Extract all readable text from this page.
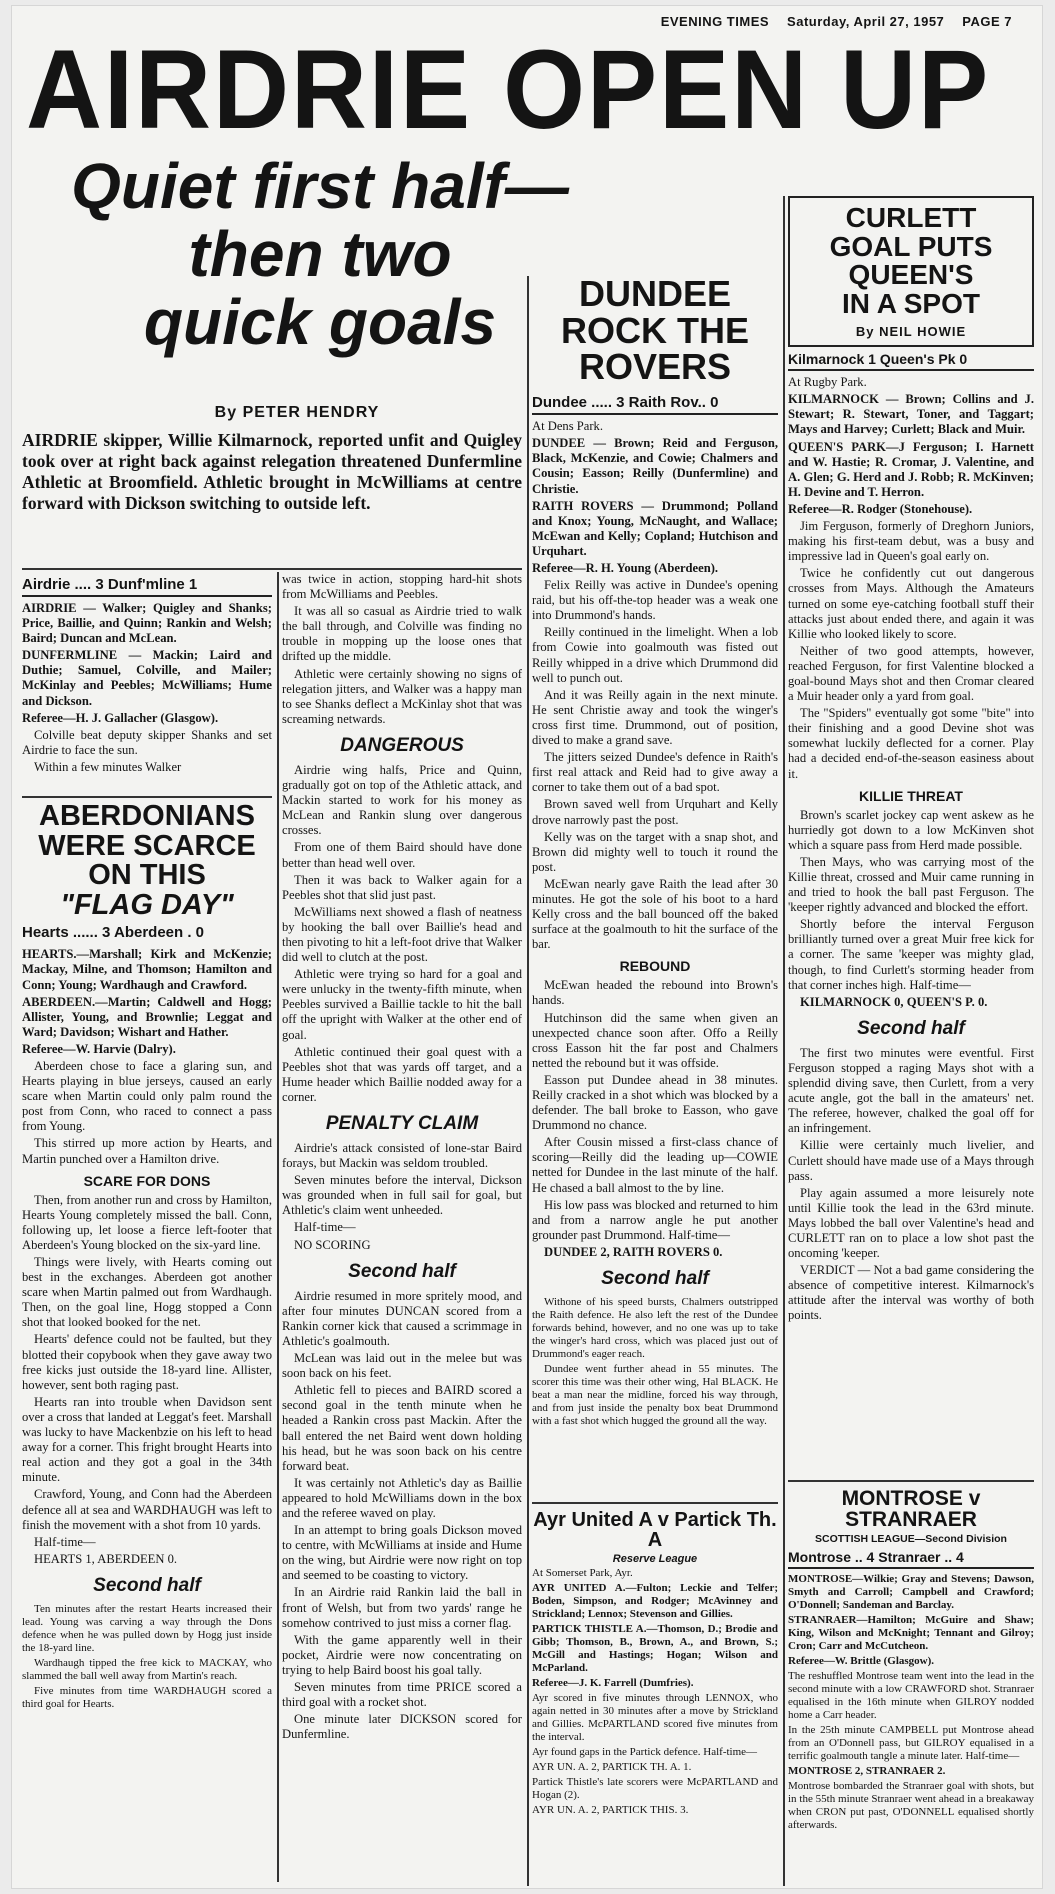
EVENING TIMES Saturday, April 27, 1957 PAGE 7
AIRDRIE OPEN UP
Quiet first half—
then two
quick goals
By PETER HENDRY
AIRDRIE skipper, Willie Kilmarnock, reported unfit and Quigley took over at right back against relegation threatened Dunfermline Athletic at Broomfield. Athletic brought in McWilliams at centre forward with Dickson switching to outside left.
Airdrie .... 3 Dunf'mline 1

AIRDRIE — Walker; Quigley and Shanks; Price, Baillie, and Quinn; Rankin and Welsh; Baird; Duncan and McLean.

DUNFERMLINE — Mackin; Laird and Duthie; Samuel, Colville, and Mailer; McKinlay and Peebles; McWilliams; Hume and Dickson.

Referee—H. J. Gallacher (Glasgow).

Colville beat deputy skipper Shanks and set Airdrie to face the sun.

Within a few minutes Walker

ABERDONIANS
WERE SCARCE
ON THIS
"FLAG DAY"
Hearts ...... 3 Aberdeen . 0

HEARTS.—Marshall; Kirk and McKenzie; Mackay, Milne, and Thomson; Hamilton and Conn; Young; Wardhaugh and Crawford.

ABERDEEN.—Martin; Caldwell and Hogg; Allister, Young, and Brownlie; Leggat and Ward; Davidson; Wishart and Hather.

Referee—W. Harvie (Dalry).

Aberdeen chose to face a glaring sun, and Hearts playing in blue jerseys, caused an early scare when Martin could only palm round the post from Conn, who raced to connect a pass from Young.

This stirred up more action by Hearts, and Martin punched over a Hamilton drive.

SCARE FOR DONS

Then, from another run and cross by Hamilton, Hearts Young completely missed the ball. Conn, following up, let loose a fierce left-footer that Aberdeen's Young blocked on the six-yard line.

Things were lively, with Hearts coming out best in the exchanges. Aberdeen got another scare when Martin palmed out from Wardhaugh. Then, on the goal line, Hogg stopped a Conn shot that looked booked for the net.

Hearts' defence could not be faulted, but they blotted their copybook when they gave away two free kicks just outside the 18-yard line. Allister, however, sent both raging past.

Hearts ran into trouble when Davidson sent over a cross that landed at Leggat's feet. Marshall was lucky to have Mackenbzie on his left to head away for a corner. This fright brought Hearts into real action and they got a goal in the 34th minute.

Crawford, Young, and Conn had the Aberdeen defence all at sea and WARDHAUGH was left to finish the movement with a shot from 10 yards.

Half-time—

HEARTS 1, ABERDEEN 0.

Second half

Ten minutes after the restart Hearts increased their lead. Young was carving a way through the Dons defence when he was pulled down by Hogg just inside the 18-yard line.

Wardhaugh tipped the free kick to MACKAY, who slammed the ball well away from Martin's reach.

Five minutes from time WARDHAUGH scored a third goal for Hearts.

was twice in action, stopping hard-hit shots from McWilliams and Peebles.

It was all so casual as Airdrie tried to walk the ball through, and Colville was finding no trouble in mopping up the loose ones that drifted up the middle.

Athletic were certainly showing no signs of relegation jitters, and Walker was a happy man to see Shanks deflect a McKinlay shot that was screaming netwards.

DANGEROUS

Airdrie wing halfs, Price and Quinn, gradually got on top of the Athletic attack, and Mackin started to work for his money as McLean and Rankin slung over dangerous crosses.

From one of them Baird should have done better than head well over.

Then it was back to Walker again for a Peebles shot that slid just past.

McWilliams next showed a flash of neatness by hooking the ball over Baillie's head and then pivoting to hit a left-foot drive that Walker did well to clutch at the post.

Athletic were trying so hard for a goal and were unlucky in the twenty-fifth minute, when Peebles survived a Baillie tackle to hit the ball off the upright with Walker at the other end of goal.

Athletic continued their goal quest with a Peebles shot that was yards off target, and a Hume header which Baillie nodded away for a corner.

PENALTY CLAIM

Airdrie's attack consisted of lone-star Baird forays, but Mackin was seldom troubled.

Seven minutes before the interval, Dickson was grounded when in full sail for goal, but Athletic's claim went unheeded.

Half-time—

NO SCORING

Second half

Airdrie resumed in more spritely mood, and after four minutes DUNCAN scored from a Rankin corner kick that caused a scrimmage in Athletic's goalmouth.

McLean was laid out in the melee but was soon back on his feet.

Athletic fell to pieces and BAIRD scored a second goal in the tenth minute when he headed a Rankin cross past Mackin. After the ball entered the net Baird went down holding his head, but he was soon back on his centre forward beat.

It was certainly not Athletic's day as Baillie appeared to hold McWilliams down in the box and the referee waved on play.

In an attempt to bring goals Dickson moved to centre, with McWilliams at inside and Hume on the wing, but Airdrie were now right on top and seemed to be coasting to victory.

In an Airdrie raid Rankin laid the ball in front of Welsh, but from two yards' range he somehow contrived to just miss a corner flag.

With the game apparently well in their pocket, Airdrie were now concentrating on trying to help Baird boost his goal tally.

Seven minutes from time PRICE scored a third goal with a rocket shot.

One minute later DICKSON scored for Dunfermline.

DUNDEE
ROCK THE
ROVERS
Dundee ..... 3 Raith Rov.. 0

At Dens Park.

DUNDEE — Brown; Reid and Ferguson, Black, McKenzie, and Cowie; Chalmers and Cousin; Easson; Reilly (Dunfermline) and Christie.

RAITH ROVERS — Drummond; Polland and Knox; Young, McNaught, and Wallace; McEwan and Kelly; Copland; Hutchison and Urquhart.

Referee—R. H. Young (Aberdeen).

Felix Reilly was active in Dundee's opening raid, but his off-the-top header was a weak one into Drummond's hands.

Reilly continued in the limelight. When a lob from Cowie into goalmouth was fisted out Reilly whipped in a drive which Drummond did well to punch out.

And it was Reilly again in the next minute. He sent Christie away and took the winger's cross first time. Drummond, out of position, dived to make a grand save.

The jitters seized Dundee's defence in Raith's first real attack and Reid had to give away a corner to take them out of a bad spot.

Brown saved well from Urquhart and Kelly drove narrowly past the post.

Kelly was on the target with a snap shot, and Brown did mighty well to touch it round the post.

McEwan nearly gave Raith the lead after 30 minutes. He got the sole of his boot to a hard Kelly cross and the ball bounced off the baked surface at the goalmouth to hit the surface of the bar.

REBOUND

McEwan headed the rebound into Brown's hands.

Hutchinson did the same when given an unexpected chance soon after. Offo a Reilly cross Easson hit the far post and Chalmers netted the rebound but it was offside.

Easson put Dundee ahead in 38 minutes. Reilly cracked in a shot which was blocked by a defender. The ball broke to Easson, who gave Drummond no chance.

After Cousin missed a first-class chance of scoring—Reilly did the leading up—COWIE netted for Dundee in the last minute of the half. He chased a ball almost to the by line.

His low pass was blocked and returned to him and from a narrow angle he put another grounder past Drummond. Half-time—

DUNDEE 2, RAITH ROVERS 0.

Second half

Withone of his speed bursts, Chalmers outstripped the Raith defence. He also left the rest of the Dundee forwards behind, however, and no one was up to take the winger's hard cross, which was placed just out of Drummond's eager reach.

Dundee went further ahead in 55 minutes. The scorer this time was their other wing, Hal BLACK. He beat a man near the midline, forced his way through, and from just inside the penalty box beat Drummond with a fast shot which hugged the ground all the way.

Ayr United A v Partick Th. A
Reserve League

At Somerset Park, Ayr.

AYR UNITED A.—Fulton; Leckie and Telfer; Boden, Simpson, and Rodger; McAvinney and Strickland; Lennox; Stevenson and Gillies.

PARTICK THISTLE A.—Thomson, D.; Brodie and Gibb; Thomson, B., Brown, A., and Brown, S.; McGill and Hastings; Hogan; Wilson and McParland.

Referee—J. K. Farrell (Dumfries).

Ayr scored in five minutes through LENNOX, who again netted in 30 minutes after a move by Strickland and Gillies. McPARTLAND scored five minutes from the interval.

Ayr found gaps in the Partick defence. Half-time—

AYR UN. A. 2, PARTICK TH. A. 1.

Partick Thistle's late scorers were McPARTLAND and Hogan (2).

AYR UN. A. 2, PARTICK THIS. 3.

CURLETT
GOAL PUTS
QUEEN'S
IN A SPOT
By NEIL HOWIE
Kilmarnock 1 Queen's Pk 0

At Rugby Park.

KILMARNOCK — Brown; Collins and J. Stewart; R. Stewart, Toner, and Taggart; Mays and Harvey; Curlett; Black and Muir.

QUEEN'S PARK—J Ferguson; I. Harnett and W. Hastie; R. Cromar, J. Valentine, and A. Glen; G. Herd and J. Robb; R. McKinven; H. Devine and T. Herron.

Referee—R. Rodger (Stonehouse).

Jim Ferguson, formerly of Dreghorn Juniors, making his first-team debut, was a busy and impressive lad in Queen's goal early on.

Twice he confidently cut out dangerous crosses from Mays. Although the Amateurs turned on some eye-catching football stuff their attacks just about ended there, and again it was Killie who looked likely to score.

Neither of two good attempts, however, reached Ferguson, for first Valentine blocked a goal-bound Mays shot and then Cromar cleared a Muir header only a yard from goal.

The "Spiders" eventually got some "bite" into their finishing and a good Devine shot was somewhat luckily deflected for a corner. Play had a decided end-of-the-season easiness about it.

KILLIE THREAT

Brown's scarlet jockey cap went askew as he hurriedly got down to a low McKinven shot which a square pass from Herd made possible.

Then Mays, who was carrying most of the Killie threat, crossed and Muir came running in and tried to hook the ball past Ferguson. The 'keeper rightly advanced and blocked the effort.

Shortly before the interval Ferguson brilliantly turned over a great Muir free kick for a corner. The same 'keeper was mighty glad, though, to find Curlett's storming header from that corner inches high. Half-time—

KILMARNOCK 0, QUEEN'S P. 0.

Second half

The first two minutes were eventful. First Ferguson stopped a raging Mays shot with a splendid diving save, then Curlett, from a very acute angle, got the ball in the amateurs' net. The referee, however, chalked the goal off for an infringement.

Killie were certainly much livelier, and Curlett should have made use of a Mays through pass.

Play again assumed a more leisurely note until Killie took the lead in the 63rd minute. Mays lobbed the ball over Valentine's head and CURLETT ran on to place a low shot past the oncoming 'keeper.

VERDICT — Not a bad game considering the absence of competitive interest. Kilmarnock's attitude after the interval was worthy of both points.

MONTROSE v STRANRAER
SCOTTISH LEAGUE—Second Division
Montrose .. 4 Stranraer .. 4

MONTROSE—Wilkie; Gray and Stevens; Dawson, Smyth and Carroll; Campbell and Crawford; O'Donnell; Sandeman and Barclay.

STRANRAER—Hamilton; McGuire and Shaw; King, Wilson and McKnight; Tennant and Gilroy; Cron; Carr and McCutcheon.

Referee—W. Brittle (Glasgow).

The reshuffled Montrose team went into the lead in the second minute with a low CRAWFORD shot. Stranraer equalised in the 16th minute when GILROY nodded home a Carr header.

In the 25th minute CAMPBELL put Montrose ahead from an O'Donnell pass, but GILROY equalised in a terrific goalmouth tangle a minute later. Half-time—

MONTROSE 2, STRANRAER 2.

Montrose bombarded the Stranraer goal with shots, but in the 55th minute Stranraer went ahead in a breakaway when CRON put past, O'DONNELL equalised shortly afterwards.
